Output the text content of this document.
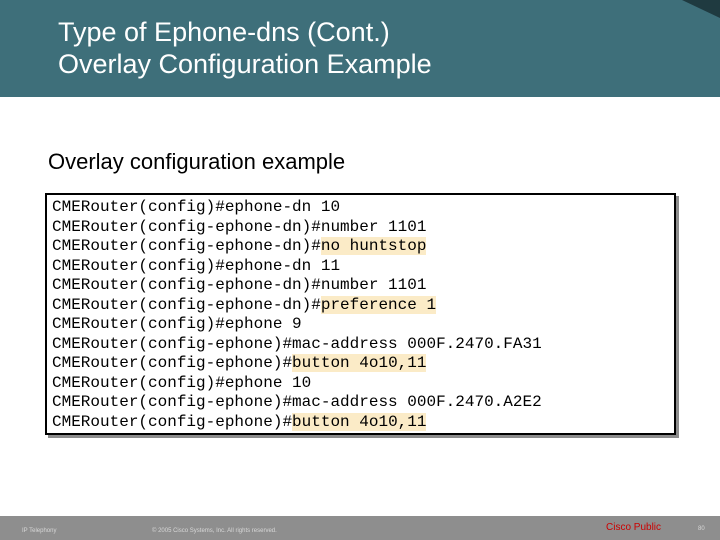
Type of Ephone-dns (Cont.)
Overlay Configuration Example
Overlay configuration example
CMERouter(config)#ephone-dn 10
CMERouter(config-ephone-dn)#number 1101
CMERouter(config-ephone-dn)#no huntstop
CMERouter(config)#ephone-dn 11
CMERouter(config-ephone-dn)#number 1101
CMERouter(config-ephone-dn)#preference 1
CMERouter(config)#ephone 9
CMERouter(config-ephone)#mac-address 000F.2470.FA31
CMERouter(config-ephone)#button 4o10,11
CMERouter(config)#ephone 10
CMERouter(config-ephone)#mac-address 000F.2470.A2E2
CMERouter(config-ephone)#button 4o10,11
IP Telephony	© 2005 Cisco Systems, Inc. All rights reserved.	Cisco Public	80
